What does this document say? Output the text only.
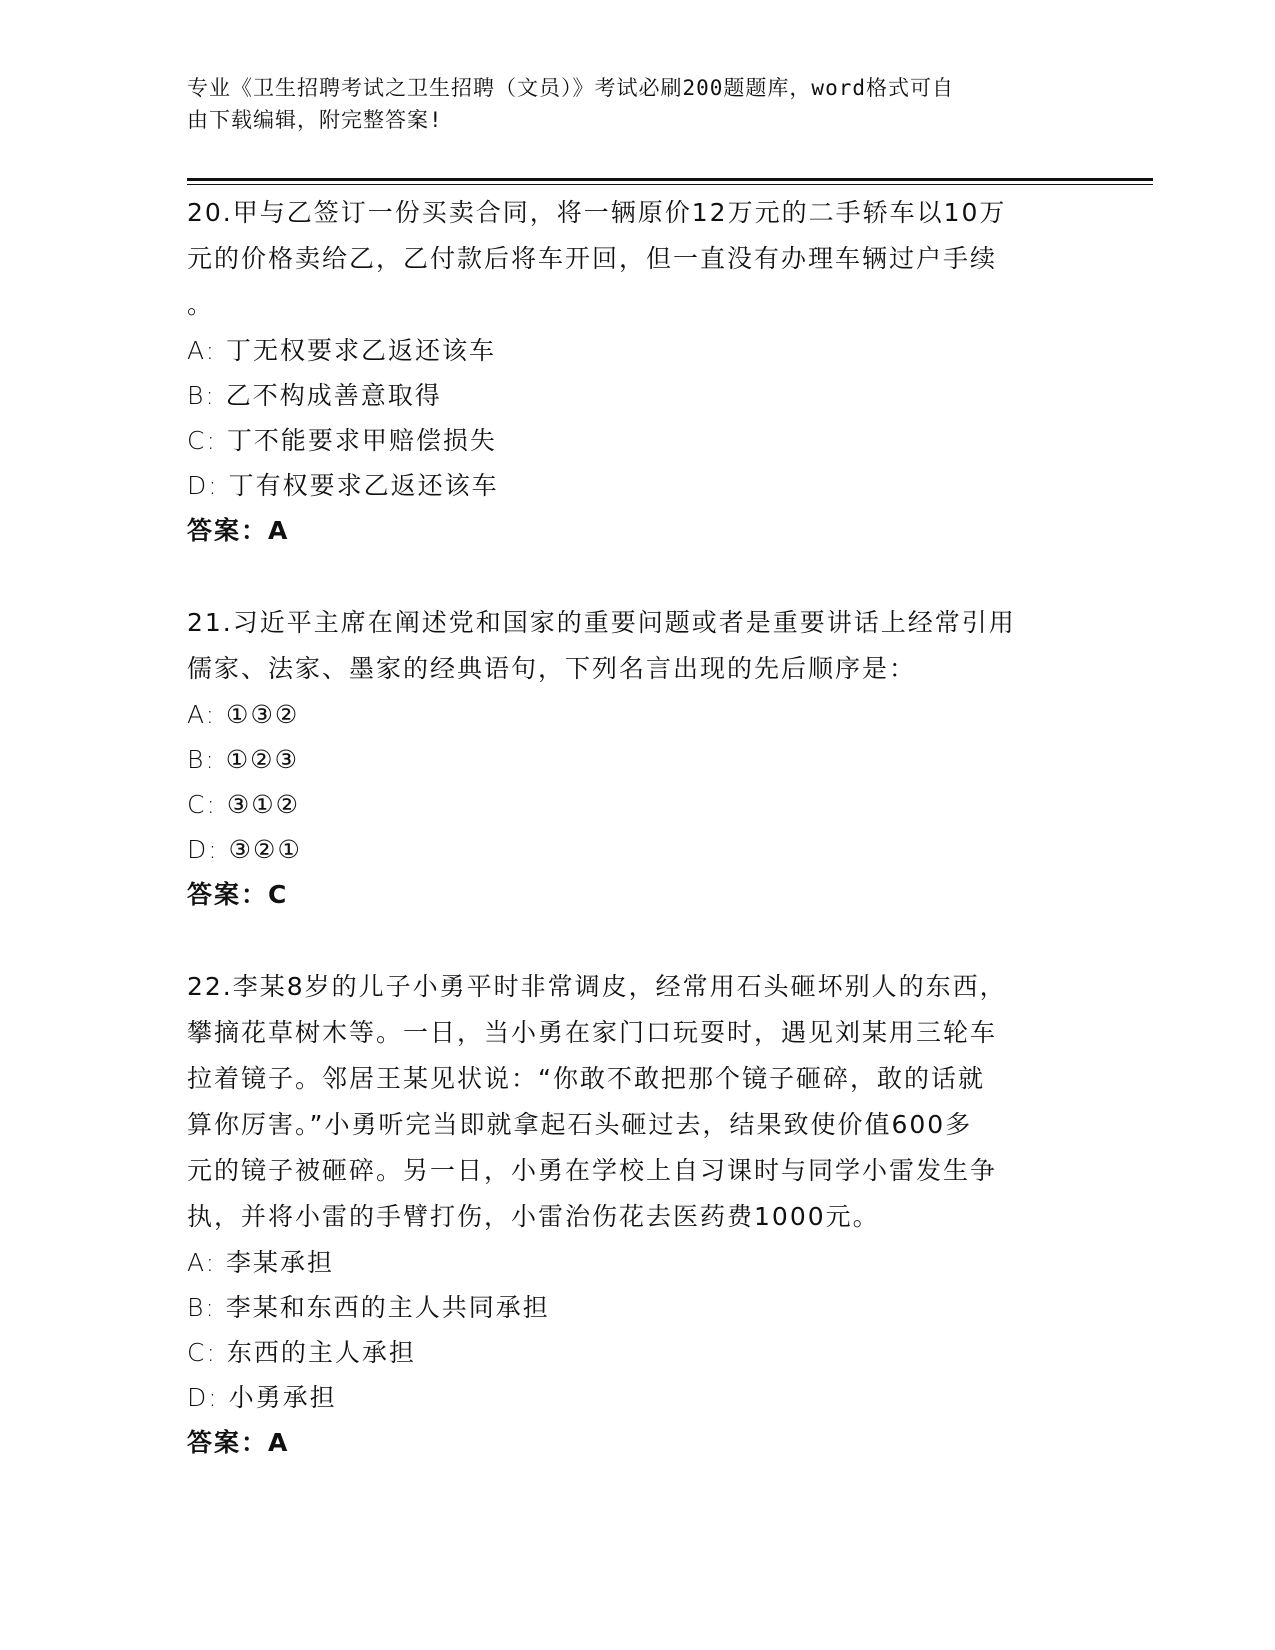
专业《卫生招聘考试之卫生招聘（文员）》考试必刷200题题库，word格式可自
由下载编辑，附完整答案!

20.甲与乙签订一份买卖合同，将一辆原价12万元的二手轿车以10万

元的价格卖给乙，乙付款后将车开回，但一直没有办理车辆过户手续

。

A: 丁无权要求乙返还该车

B: 乙不构成善意取得

C: 丁不能要求甲赔偿损失

D: 丁有权要求乙返还该车

答案：A

21.习近平主席在阐述党和国家的重要问题或者是重要讲话上经常引用

儒家、法家、墨家的经典语句，下列名言出现的先后顺序是：

A: ①③②

B: ①②③

C: ③①②

D: ③②①

答案：C

22.李某8岁的儿子小勇平时非常调皮，经常用石头砸坏别人的东西，

攀摘花草树木等。一日，当小勇在家门口玩耍时，遇见刘某用三轮车

拉着镜子。邻居王某见状说：“你敢不敢把那个镜子砸碎，敢的话就

算你厉害。”小勇听完当即就拿起石头砸过去，结果致使价值600多

元的镜子被砸碎。另一日，小勇在学校上自习课时与同学小雷发生争

执，并将小雷的手臂打伤，小雷治伤花去医药费1000元。

A: 李某承担

B: 李某和东西的主人共同承担

C: 东西的主人承担

D: 小勇承担

答案：A
